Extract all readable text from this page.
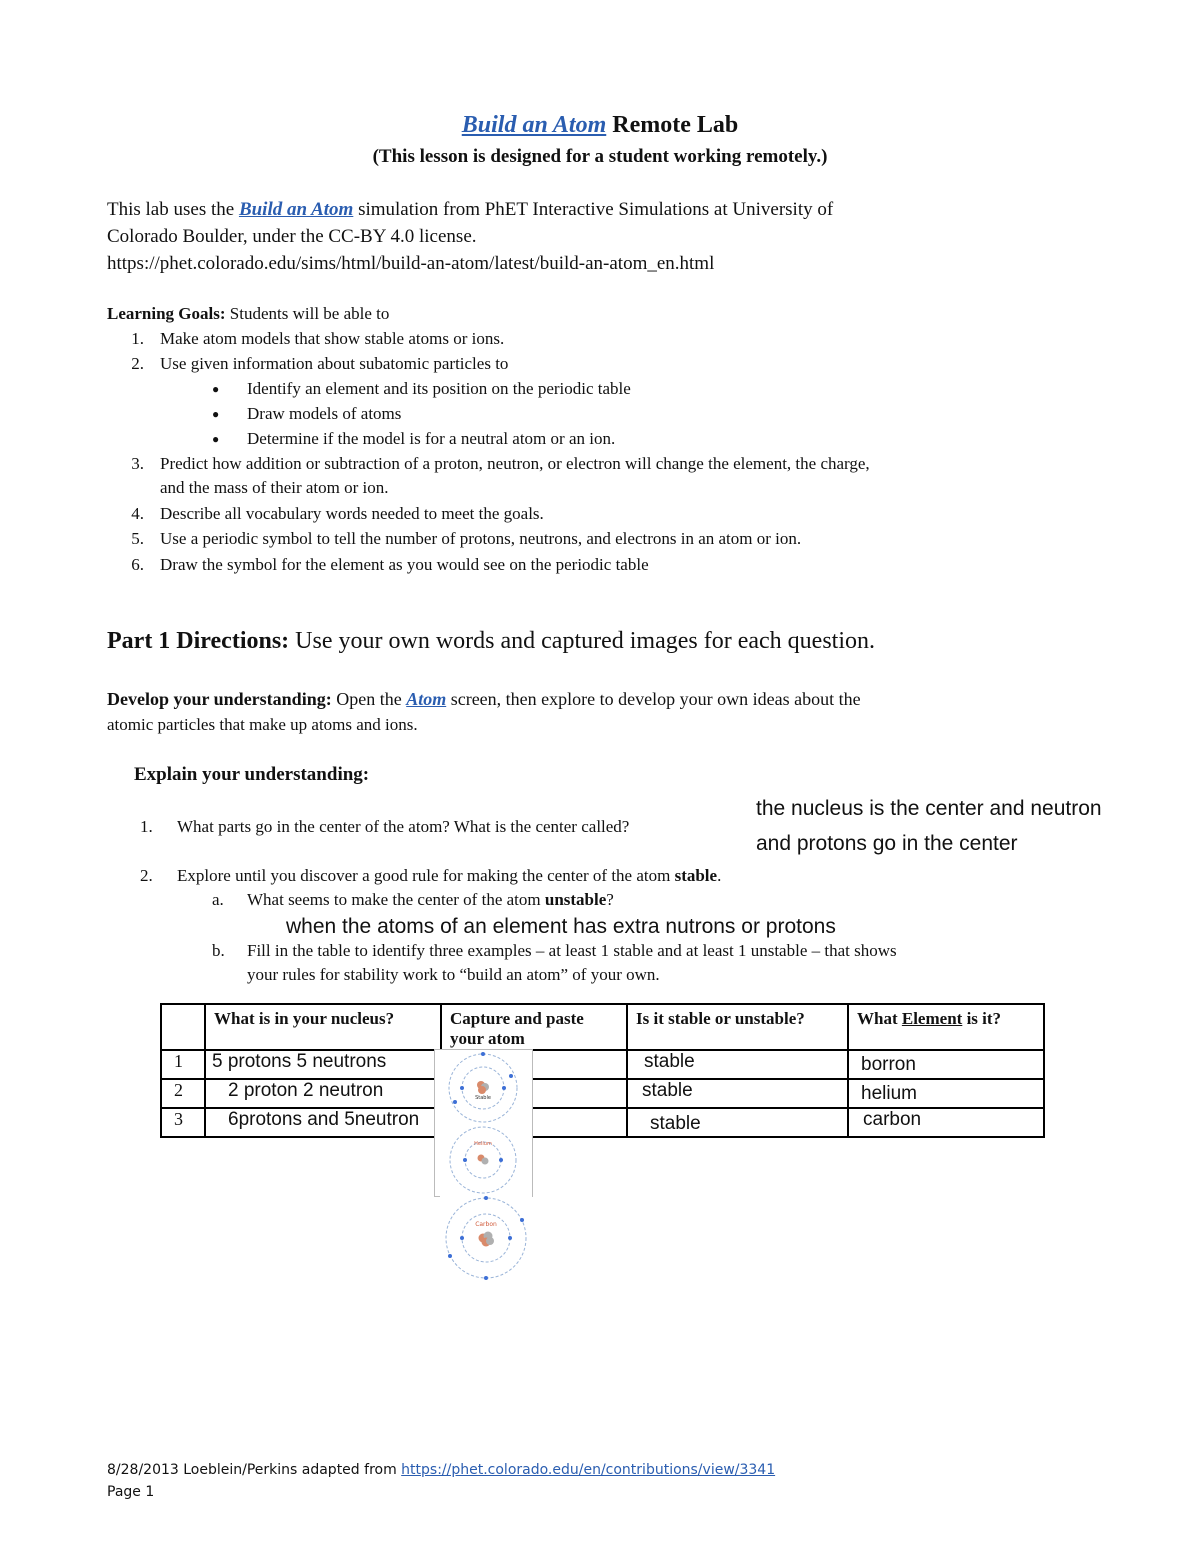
Build an Atom Remote Lab
(This lesson is designed for a student working remotely.)
This lab uses the Build an Atom simulation from PhET Interactive Simulations at University of
Colorado Boulder, under the CC-BY 4.0 license.
https://phet.colorado.edu/sims/html/build-an-atom/latest/build-an-atom_en.html
Learning Goals: Students will be able to
1. Make atom models that show stable atoms or ions.
2. Use given information about subatomic particles to
● Identify an element and its position on the periodic table
● Draw models of atoms
● Determine if the model is for a neutral atom or an ion.
3. Predict how addition or subtraction of a proton, neutron, or electron will change the element, the charge,
and the mass of their atom or ion.
4. Describe all vocabulary words needed to meet the goals.
5. Use a periodic symbol to tell the number of protons, neutrons, and electrons in an atom or ion.
6. Draw the symbol for the element as you would see on the periodic table
Part 1 Directions: Use your own words and captured images for each question.
Develop your understanding: Open the Atom screen, then explore to develop your own ideas about the
atomic particles that make up atoms and ions.
Explain your understanding:
1. What parts go in the center of the atom? What is the center called?
the nucleus is the center and neutron
and protons go in the center
2. Explore until you discover a good rule for making the center of the atom stable.
a. What seems to make the center of the atom unstable?
when the atoms of an element has extra nutrons or protons
b. Fill in the table to identify three examples – at least 1 stable and at least 1 unstable – that shows
your rules for stability work to “build an atom” of your own.
	What is in your nucleus?	Capture and paste your atom	Is it stable or unstable?	What Element is it?
1	5 protons 5 neutrons		stable	borron
2	2 proton 2 neutron		stable	helium
3	6protons and 5neutron		stable	carbon
Stable
Helium
Carbon
8/28/2013 Loeblein/Perkins adapted from https://phet.colorado.edu/en/contributions/view/3341
Page 1
